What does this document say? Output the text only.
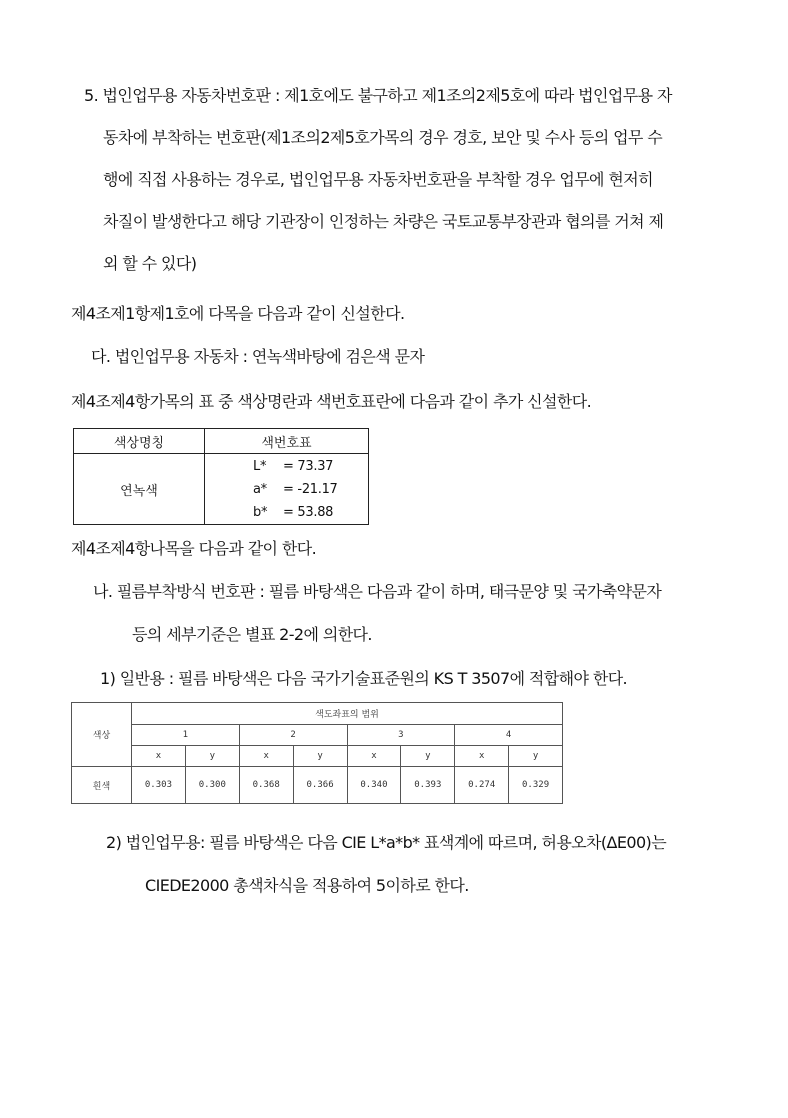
5. 법인업무용 자동차번호판 : 제1호에도 불구하고 제1조의2제5호에 따라 법인업무용 자
동차에 부착하는 번호판(제1조의2제5호가목의 경우 경호, 보안 및 수사 등의 업무 수
행에 직접 사용하는 경우로, 법인업무용 자동차번호판을 부착할 경우 업무에 현저히
차질이 발생한다고 해당 기관장이 인정하는 차량은 국토교통부장관과 협의를 거쳐 제
외 할 수 있다)
제4조제1항제1호에 다목을 다음과 같이 신설한다.
다. 법인업무용 자동차 : 연녹색바탕에 검은색 문자
제4조제4항가목의 표 중 색상명란과 색번호표란에 다음과 같이 추가 신설한다.
색상명칭	색번호표
연녹색	L* = 73.37
a* = -21.17
b* = 53.88
제4조제4항나목을 다음과 같이 한다.
나. 필름부착방식 번호판 : 필름 바탕색은 다음과 같이 하며, 태극문양 및 국가축약문자
등의 세부기준은 별표 2-2에 의한다.
1) 일반용 : 필름 바탕색은 다음 국가기술표준원의 KS T 3507에 적합해야 한다.
색상	색도좌표의 범위							
	1		2		3		4	
	x	y	x	y	x	y	x	y
흰색	0.303	0.300	0.368	0.366	0.340	0.393	0.274	0.329
2) 법인업무용: 필름 바탕색은 다음 CIE L*a*b* 표색계에 따르며, 허용오차(ΔE00)는
CIEDE2000 총색차식을 적용하여 5이하로 한다.
